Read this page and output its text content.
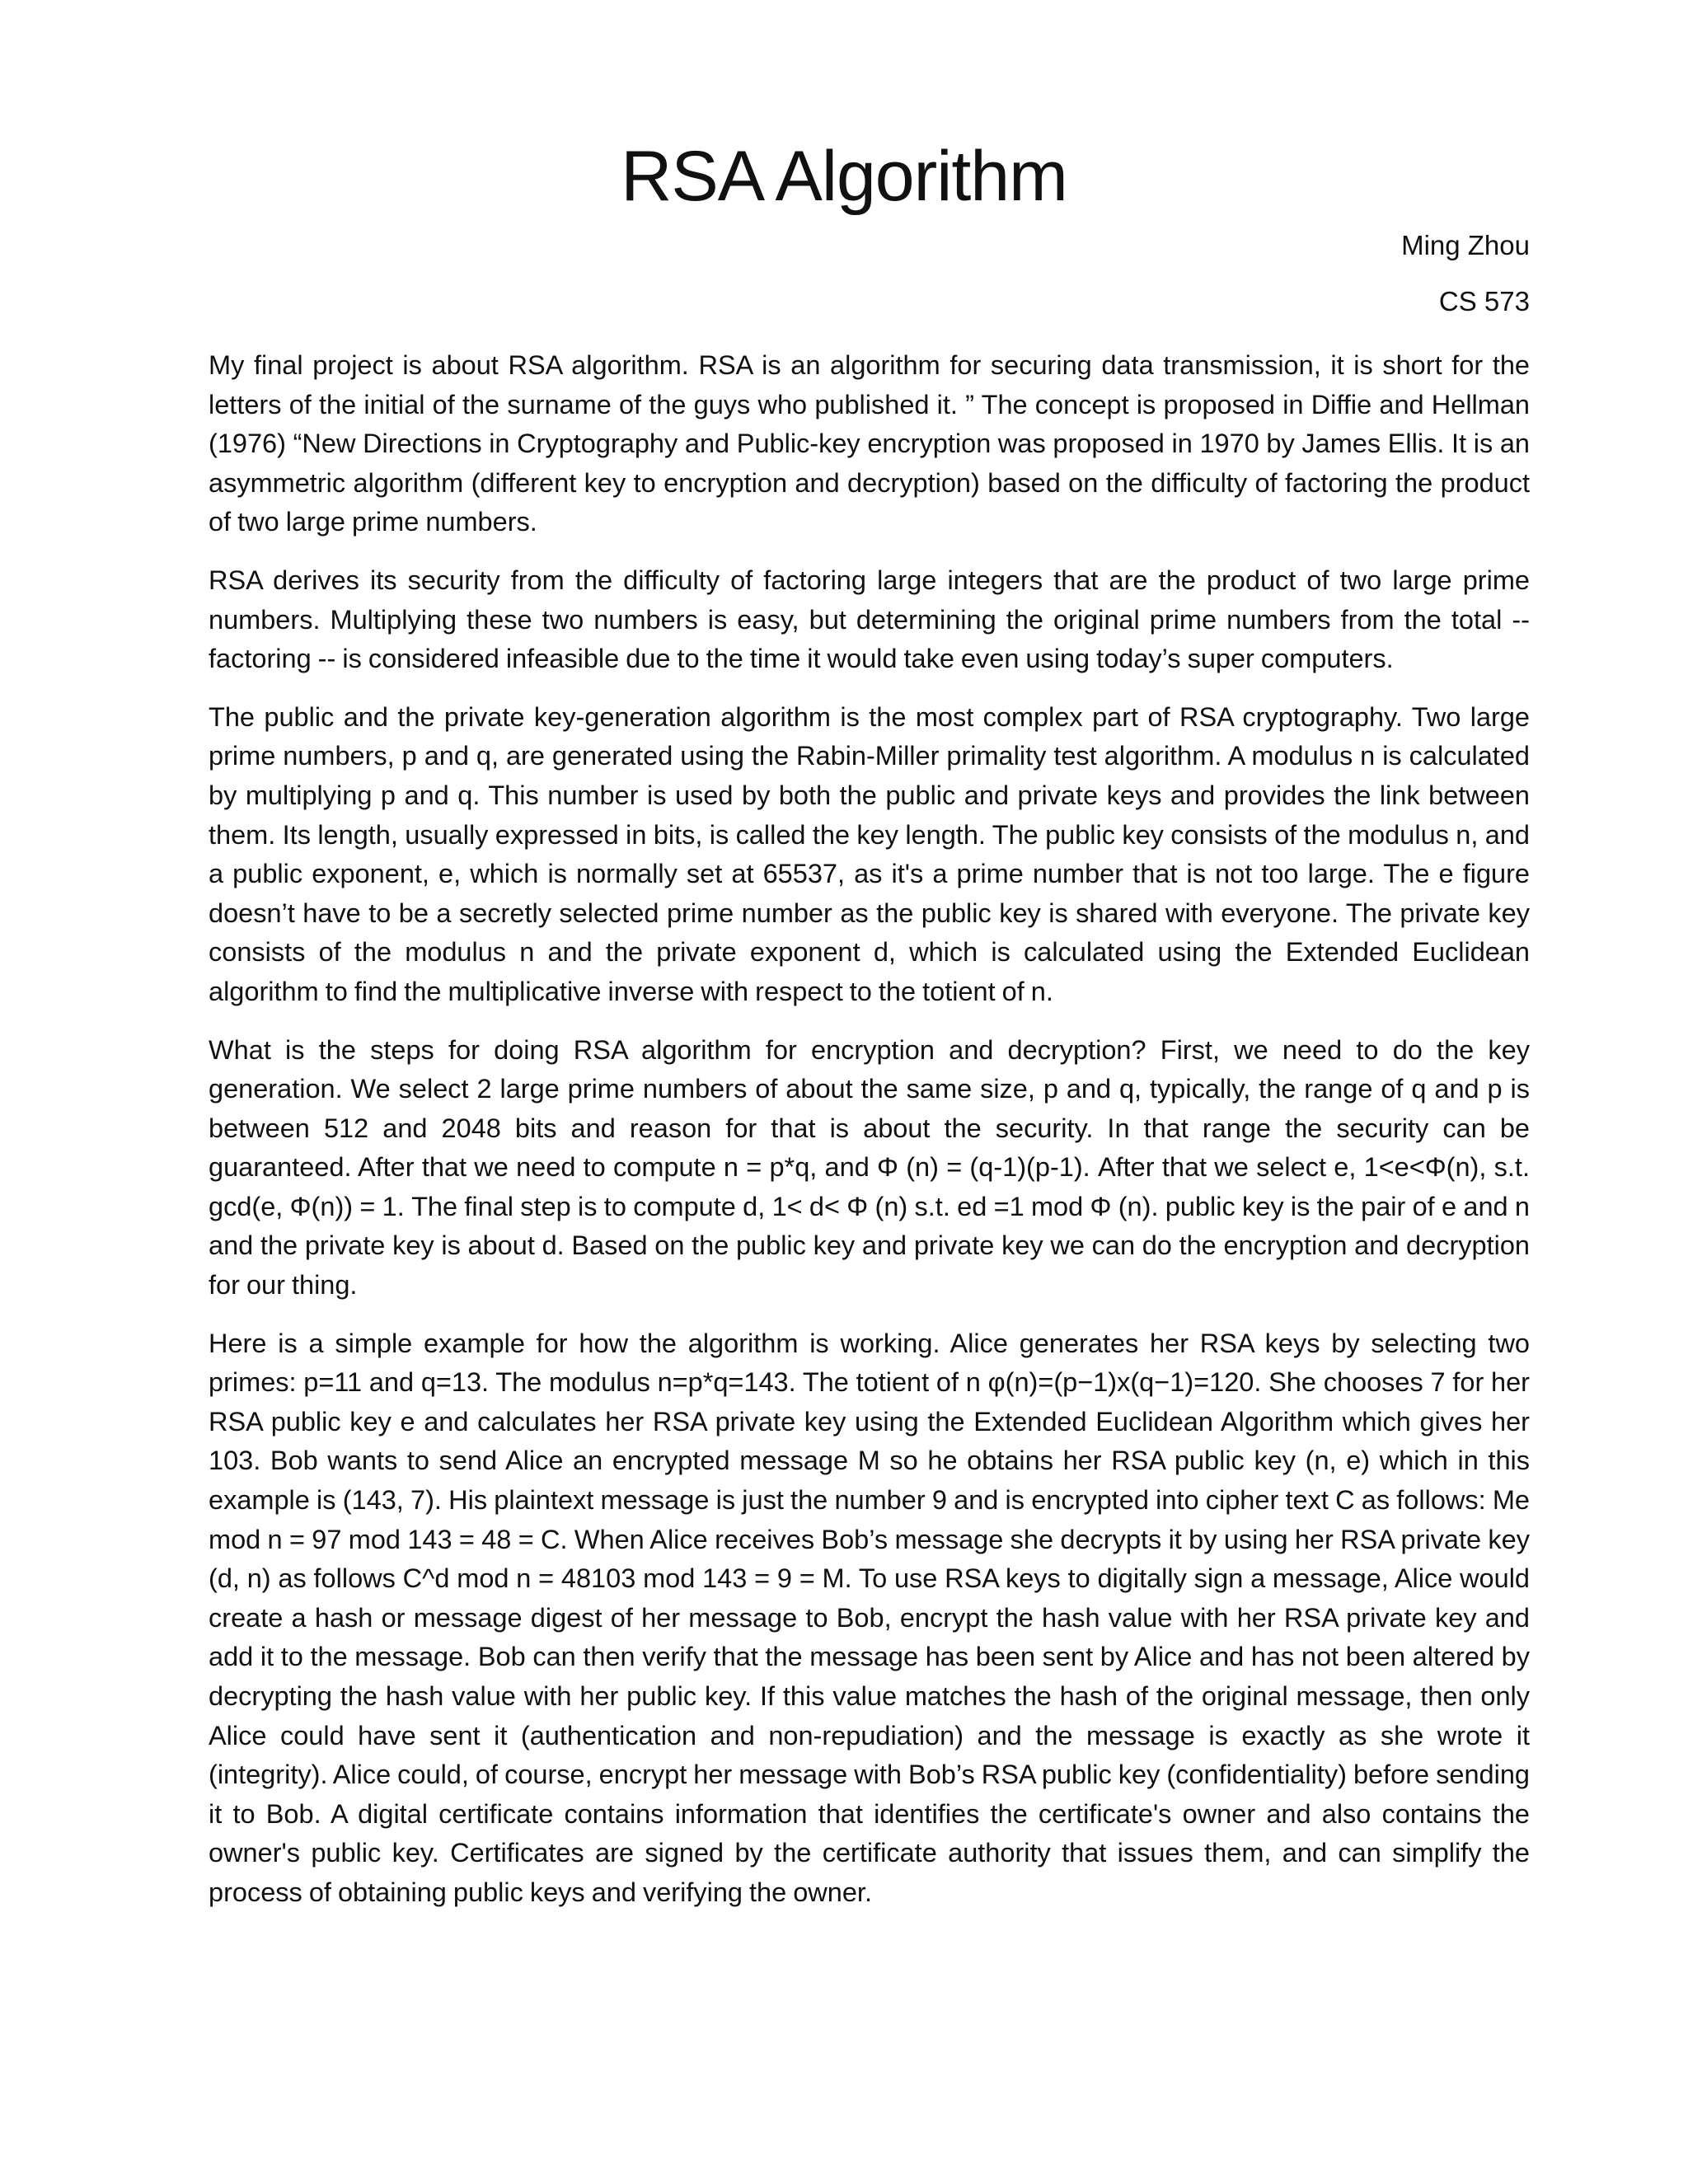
RSA Algorithm
Ming Zhou
CS 573

My final project is about RSA algorithm. RSA is an algorithm for securing data transmission, it is short for the letters of the initial of the surname of the guys who published it. ” The concept is proposed in Diffie and Hellman (1976) “New Directions in Cryptography and Public-key encryption was proposed in 1970 by James Ellis. It is an asymmetric algorithm (different key to encryption and decryption) based on the difficulty of factoring the product of two large prime numbers.

RSA derives its security from the difficulty of factoring large integers that are the product of two large prime numbers. Multiplying these two numbers is easy, but determining the original prime numbers from the total -- factoring -- is considered infeasible due to the time it would take even using today’s super computers.

The public and the private key-generation algorithm is the most complex part of RSA cryptography. Two large prime numbers, p and q, are generated using the Rabin-Miller primality test algorithm. A modulus n is calculated by multiplying p and q. This number is used by both the public and private keys and provides the link between them. Its length, usually expressed in bits, is called the key length. The public key consists of the modulus n, and a public exponent, e, which is normally set at 65537, as it's a prime number that is not too large. The e figure doesn’t have to be a secretly selected prime number as the public key is shared with everyone. The private key consists of the modulus n and the private exponent d, which is calculated using the Extended Euclidean algorithm to find the multiplicative inverse with respect to the totient of n.

What is the steps for doing RSA algorithm for encryption and decryption? First, we need to do the key generation. We select 2 large prime numbers of about the same size, p and q, typically, the range of q and p is between 512 and 2048 bits and reason for that is about the security. In that range the security can be guaranteed. After that we need to compute n = p*q, and Φ (n) = (q-1)(p-1). After that we select e, 1<e<Φ(n), s.t. gcd(e, Φ(n)) = 1. The final step is to compute d, 1< d< Φ (n) s.t. ed =1 mod Φ (n). public key is the pair of e and n and the private key is about d. Based on the public key and private key we can do the encryption and decryption for our thing.

Here is a simple example for how the algorithm is working. Alice generates her RSA keys by selecting two primes: p=11 and q=13. The modulus n=p*q=143. The totient of n φ(n)=(p−1)x(q−1)=120. She chooses 7 for her RSA public key e and calculates her RSA private key using the Extended Euclidean Algorithm which gives her 103. Bob wants to send Alice an encrypted message M so he obtains her RSA public key (n, e) which in this example is (143, 7). His plaintext message is just the number 9 and is encrypted into cipher text C as follows: Me mod n = 97 mod 143 = 48 = C. When Alice receives Bob’s message she decrypts it by using her RSA private key (d, n) as follows C^d mod n = 48103 mod 143 = 9 = M. To use RSA keys to digitally sign a message, Alice would create a hash or message digest of her message to Bob, encrypt the hash value with her RSA private key and add it to the message. Bob can then verify that the message has been sent by Alice and has not been altered by decrypting the hash value with her public key. If this value matches the hash of the original message, then only Alice could have sent it (authentication and non-repudiation) and the message is exactly as she wrote it (integrity). Alice could, of course, encrypt her message with Bob’s RSA public key (confidentiality) before sending it to Bob. A digital certificate contains information that identifies the certificate's owner and also contains the owner's public key. Certificates are signed by the certificate authority that issues them, and can simplify the process of obtaining public keys and verifying the owner.
